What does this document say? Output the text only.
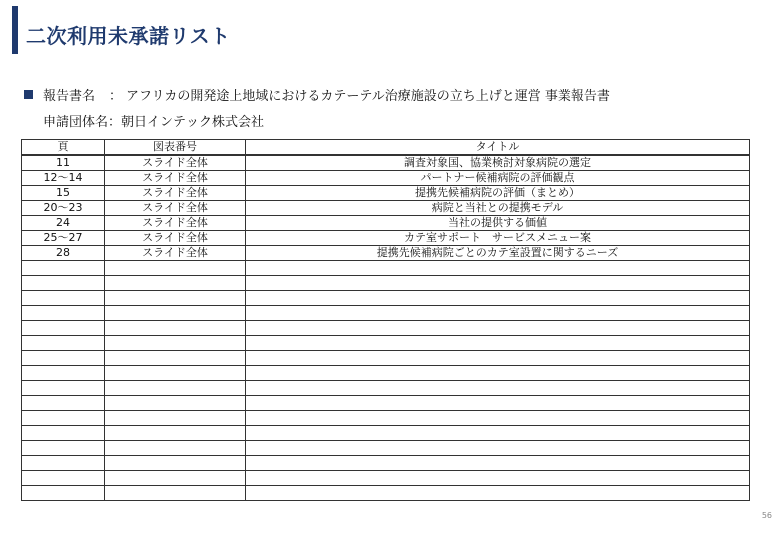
二次利用未承諾リスト
報告書名 ： アフリカの開発途上地域におけるカテーテル治療施設の立ち上げと運営 事業報告書
申請団体名：朝日インテック株式会社
頁	図表番号	タイトル
11	スライド全体	調査対象国、協業検討対象病院の選定
12～14	スライド全体	パートナー候補病院の評価観点
15	スライド全体	提携先候補病院の評価（まとめ）
20～23	スライド全体	病院と当社との提携モデル
24	スライド全体	当社の提供する価値
25～27	スライド全体	カテ室サポート　サービスメニュー案
28	スライド全体	提携先候補病院ごとのカテ室設置に関するニーズ

56
